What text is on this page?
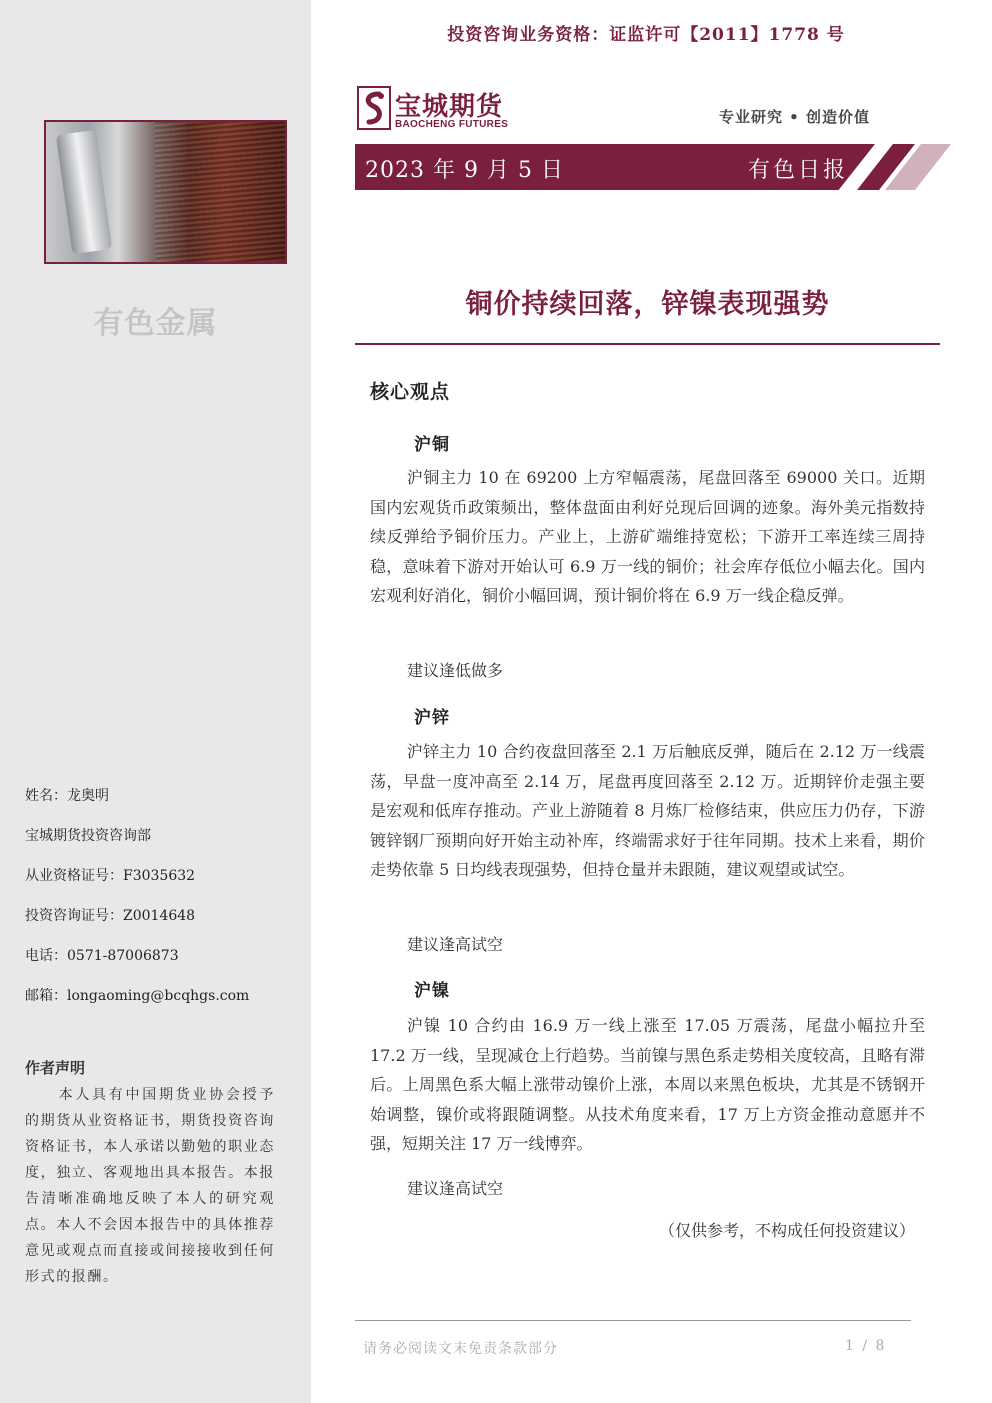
有色金属
姓名：龙奥明
宝城期货投资咨询部
从业资格证号：F3035632
投资咨询证号：Z0014648
电话：0571-87006873
邮箱：longaoming@bcqhgs.com
作者声明
本人具有中国期货业协会授予的期货从业资格证书，期货投资咨询资格证书，本人承诺以勤勉的职业态度，独立、客观地出具本报告。本报告清晰准确地反映了本人的研究观点。本人不会因本报告中的具体推荐意见或观点而直接或间接接收到任何形式的报酬。
投资咨询业务资格：证监许可【2011】1778 号
宝城期货
BAOCHENG FUTURES	专业研究 • 创造价值
2023 年 9 月 5 日	有色日报
铜价持续回落，锌镍表现强势
核心观点
沪铜
沪铜主力 10 在 69200 上方窄幅震荡，尾盘回落至 69000 关口。近期国内宏观货币政策频出，整体盘面由利好兑现后回调的迹象。海外美元指数持续反弹给予铜价压力。产业上，上游矿端维持宽松；下游开工率连续三周持稳，意味着下游对开始认可 6.9 万一线的铜价；社会库存低位小幅去化。国内宏观利好消化，铜价小幅回调，预计铜价将在 6.9 万一线企稳反弹。
建议逢低做多
沪锌
沪锌主力 10 合约夜盘回落至 2.1 万后触底反弹，随后在 2.12 万一线震荡，早盘一度冲高至 2.14 万，尾盘再度回落至 2.12 万。近期锌价走强主要是宏观和低库存推动。产业上游随着 8 月炼厂检修结束，供应压力仍存，下游镀锌钢厂预期向好开始主动补库，终端需求好于往年同期。技术上来看，期价走势依靠 5 日均线表现强势，但持仓量并未跟随，建议观望或试空。
建议逢高试空
沪镍
沪镍 10 合约由 16.9 万一线上涨至 17.05 万震荡，尾盘小幅拉升至 17.2 万一线，呈现减仓上行趋势。当前镍与黑色系走势相关度较高，且略有滞后。上周黑色系大幅上涨带动镍价上涨，本周以来黑色板块，尤其是不锈钢开始调整，镍价或将跟随调整。从技术角度来看，17 万上方资金推动意愿并不强，短期关注 17 万一线博弈。
建议逢高试空
（仅供参考，不构成任何投资建议）
请务必阅读文末免责条款部分	1 / 8
